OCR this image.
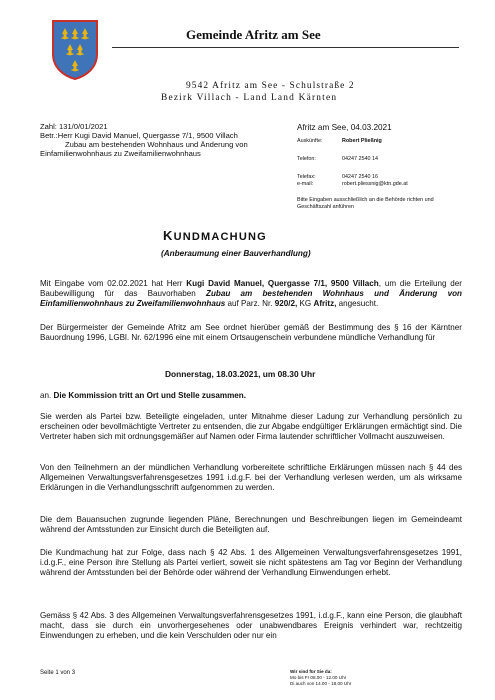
Gemeinde Afritz am See
9542 Afritz am See - Schulstraße 2
Bezirk Villach - Land Land Kärnten
Zahl: 131/0/01/2021
Betr.:Herr Kugi David Manuel, Quergasse 7/1, 9500 Villach
Zubau am bestehenden Wohnhaus und Änderung von
Einfamilienwohnhaus zu Zweifamilienwohnhaus
Afritz am See, 04.03.2021
Auskünfte:	Robert Pließnig
Telefon:	04247 2540 14
Telefax:	04247 2540 16
e-mail:	robert.pliessnig@ktn.gde.at
Bitte Eingaben ausschließlich an die Behörde richten und Geschäftszahl anführen
KUNDMACHUNG
(Anberaumung einer Bauverhandlung)
Mit Eingabe vom 02.02.2021 hat Herr Kugi David Manuel, Quergasse 7/1, 9500 Villach, um die Erteilung der Baubewilligung für das Bauvorhaben Zubau am bestehenden Wohnhaus und Änderung von Einfamilienwohnhaus zu Zweifamilienwohnhaus auf Parz. Nr. 920/2, KG Afritz, angesucht.
Der Bürgermeister der Gemeinde Afritz am See ordnet hierüber gemäß der Bestimmung des § 16 der Kärntner Bauordnung 1996, LGBl. Nr. 62/1996 eine mit einem Ortsaugenschein verbundene mündliche Verhandlung für
Donnerstag, 18.03.2021, um 08.30 Uhr
an. Die Kommission tritt an Ort und Stelle zusammen.
Sie werden als Partei bzw. Beteiligte eingeladen, unter Mitnahme dieser Ladung zur Verhandlung persönlich zu erscheinen oder bevollmächtigte Vertreter zu entsenden, die zur Abgabe endgültiger Erklärungen ermächtigt sind. Die Vertreter haben sich mit ordnungsgemäßer auf Namen oder Firma lautender schriftlicher Vollmacht auszuweisen.
Von den Teilnehmern an der mündlichen Verhandlung vorbereitete schriftliche Erklärungen müssen nach § 44 des Allgemeinen Verwaltungsverfahrensgesetzes 1991 i.d.g.F. bei der Verhandlung verlesen werden, um als wirksame Erklärungen in die Verhandlungsschrift aufgenommen zu werden.
Die dem Bauansuchen zugrunde liegenden Pläne, Berechnungen und Beschreibungen liegen im Gemeindeamt während der Amtsstunden zur Einsicht durch die Beteiligten auf.
Die Kundmachung hat zur Folge, dass nach § 42 Abs. 1 des Allgemeinen Verwaltungsverfahrensgesetzes 1991, i.d.g.F., eine Person ihre Stellung als Partei verliert, soweit sie nicht spätestens am Tag vor Beginn der Verhandlung während der Amtsstunden bei der Behörde oder während der Verhandlung Einwendungen erhebt.
Gemäss § 42 Abs. 3 des Allgemeinen Verwaltungsverfahrensgesetzes 1991, i.d.g.F., kann eine Person, die glaubhaft macht, dass sie durch ein unvorhergesehenes oder unabwendbares Ereignis verhindert war, rechtzeitig Einwendungen zu erheben, und die kein Verschulden oder nur ein
Seite 1 von 3	Wir sind für Sie da:
Mo bis Fr 08.00 - 12.00 Uhr
Di auch von 14.00 - 18.00 Uhr
